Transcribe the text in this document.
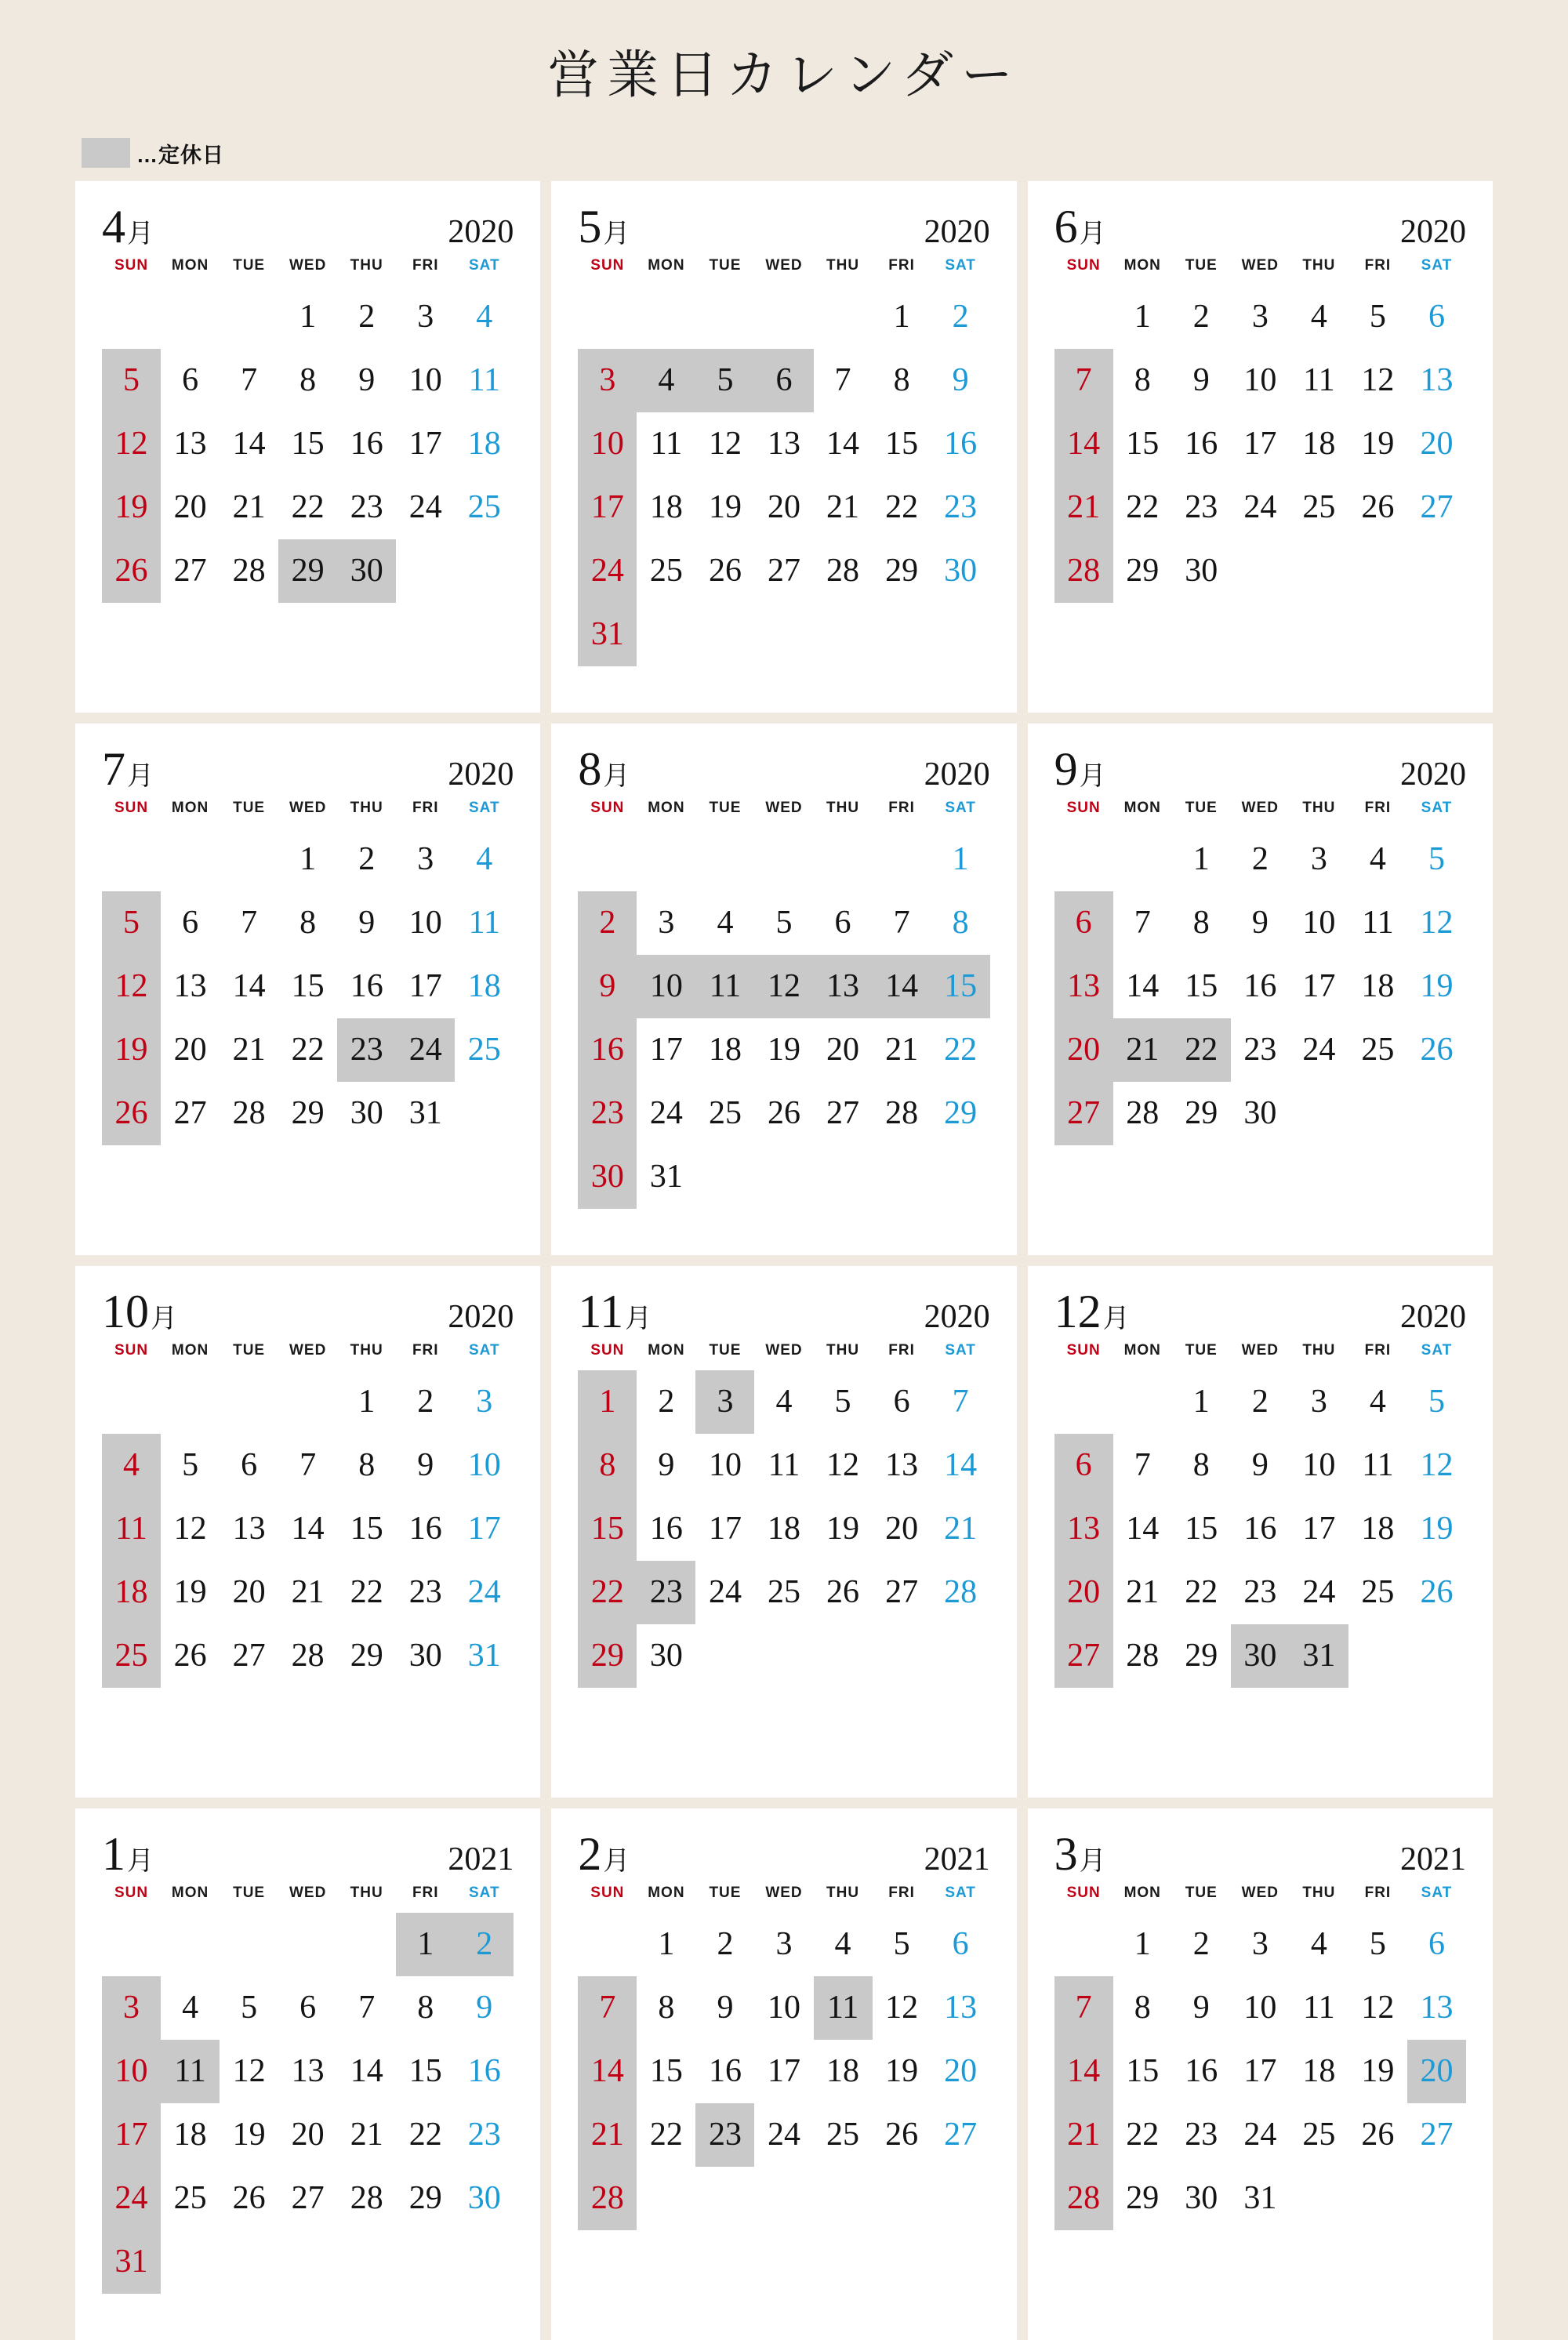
営業日カレンダー
…定休日
4月	2020
SUN	MON	TUE	WED	THU	FRI	SAT

			1	2	3	4

5	6	7	8	9	10	11

12	13	14	15	16	17	18

19	20	21	22	23	24	25

26	27	28	29	30		

5月	2020
SUN	MON	TUE	WED	THU	FRI	SAT

					1	2

3	4	5	6	7	8	9

10	11	12	13	14	15	16

17	18	19	20	21	22	23

24	25	26	27	28	29	30

31						

6月	2020
SUN	MON	TUE	WED	THU	FRI	SAT

	1	2	3	4	5	6

7	8	9	10	11	12	13

14	15	16	17	18	19	20

21	22	23	24	25	26	27

28	29	30				

7月	2020
SUN	MON	TUE	WED	THU	FRI	SAT

			1	2	3	4

5	6	7	8	9	10	11

12	13	14	15	16	17	18

19	20	21	22	23	24	25

26	27	28	29	30	31	

8月	2020
SUN	MON	TUE	WED	THU	FRI	SAT

						1

2	3	4	5	6	7	8

9	10	11	12	13	14	15

16	17	18	19	20	21	22

23	24	25	26	27	28	29

30	31					

9月	2020
SUN	MON	TUE	WED	THU	FRI	SAT

		1	2	3	4	5

6	7	8	9	10	11	12

13	14	15	16	17	18	19

20	21	22	23	24	25	26

27	28	29	30			

10月	2020
SUN	MON	TUE	WED	THU	FRI	SAT

				1	2	3

4	5	6	7	8	9	10

11	12	13	14	15	16	17

18	19	20	21	22	23	24

25	26	27	28	29	30	31
11月	2020
SUN	MON	TUE	WED	THU	FRI	SAT

1	2	3	4	5	6	7

8	9	10	11	12	13	14

15	16	17	18	19	20	21

22	23	24	25	26	27	28

29	30					

12月	2020
SUN	MON	TUE	WED	THU	FRI	SAT

		1	2	3	4	5

6	7	8	9	10	11	12

13	14	15	16	17	18	19

20	21	22	23	24	25	26

27	28	29	30	31		

1月	2021
SUN	MON	TUE	WED	THU	FRI	SAT

					1	2

3	4	5	6	7	8	9

10	11	12	13	14	15	16

17	18	19	20	21	22	23

24	25	26	27	28	29	30

31						

2月	2021
SUN	MON	TUE	WED	THU	FRI	SAT

	1	2	3	4	5	6

7	8	9	10	11	12	13

14	15	16	17	18	19	20

21	22	23	24	25	26	27

28						

3月	2021
SUN	MON	TUE	WED	THU	FRI	SAT

	1	2	3	4	5	6

7	8	9	10	11	12	13

14	15	16	17	18	19	20

21	22	23	24	25	26	27

28	29	30	31			
